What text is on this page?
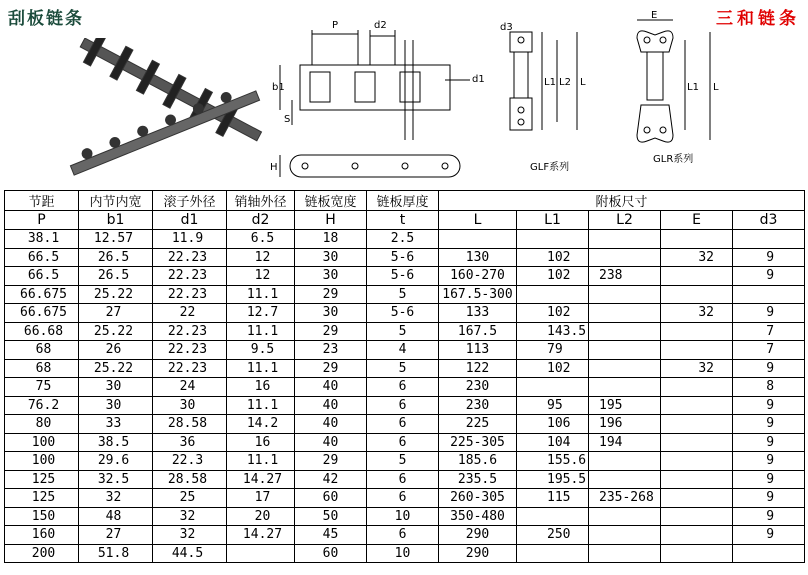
刮板链条	三和链条
P	d2
d1
b1
S
H
d3
L1 L2 L
GLF系列
E
L1 L
GLR系列
节距	内节内宽	滚子外径	销轴外径	链板宽度	链板厚度	附板尺寸				
P	b1	d1	d2	H	t	L	L1	L2	E	d3
38.1	12.57	11.9	6.5	18	2.5					
66.5	26.5	22.23	12	30	5-6	130	102		32	9
66.5	26.5	22.23	12	30	5-6	160-270	102	238		9
66.675	25.22	22.23	11.1	29	5	167.5-300				
66.675	27	22	12.7	30	5-6	133	102		32	9
66.68	25.22	22.23	11.1	29	5	167.5	143.5			7
68	26	22.23	9.5	23	4	113	79			7
68	25.22	22.23	11.1	29	5	122	102		32	9
75	30	24	16	40	6	230				8
76.2	30	30	11.1	40	6	230	95	195		9
80	33	28.58	14.2	40	6	225	106	196		9
100	38.5	36	16	40	6	225-305	104	194		9
100	29.6	22.3	11.1	29	5	185.6	155.6			9
125	32.5	28.58	14.27	42	6	235.5	195.5			9
125	32	25	17	60	6	260-305	115	235-268		9
150	48	32	20	50	10	350-480				9
160	27	32	14.27	45	6	290	250			9
200	51.8	44.5		60	10	290				
